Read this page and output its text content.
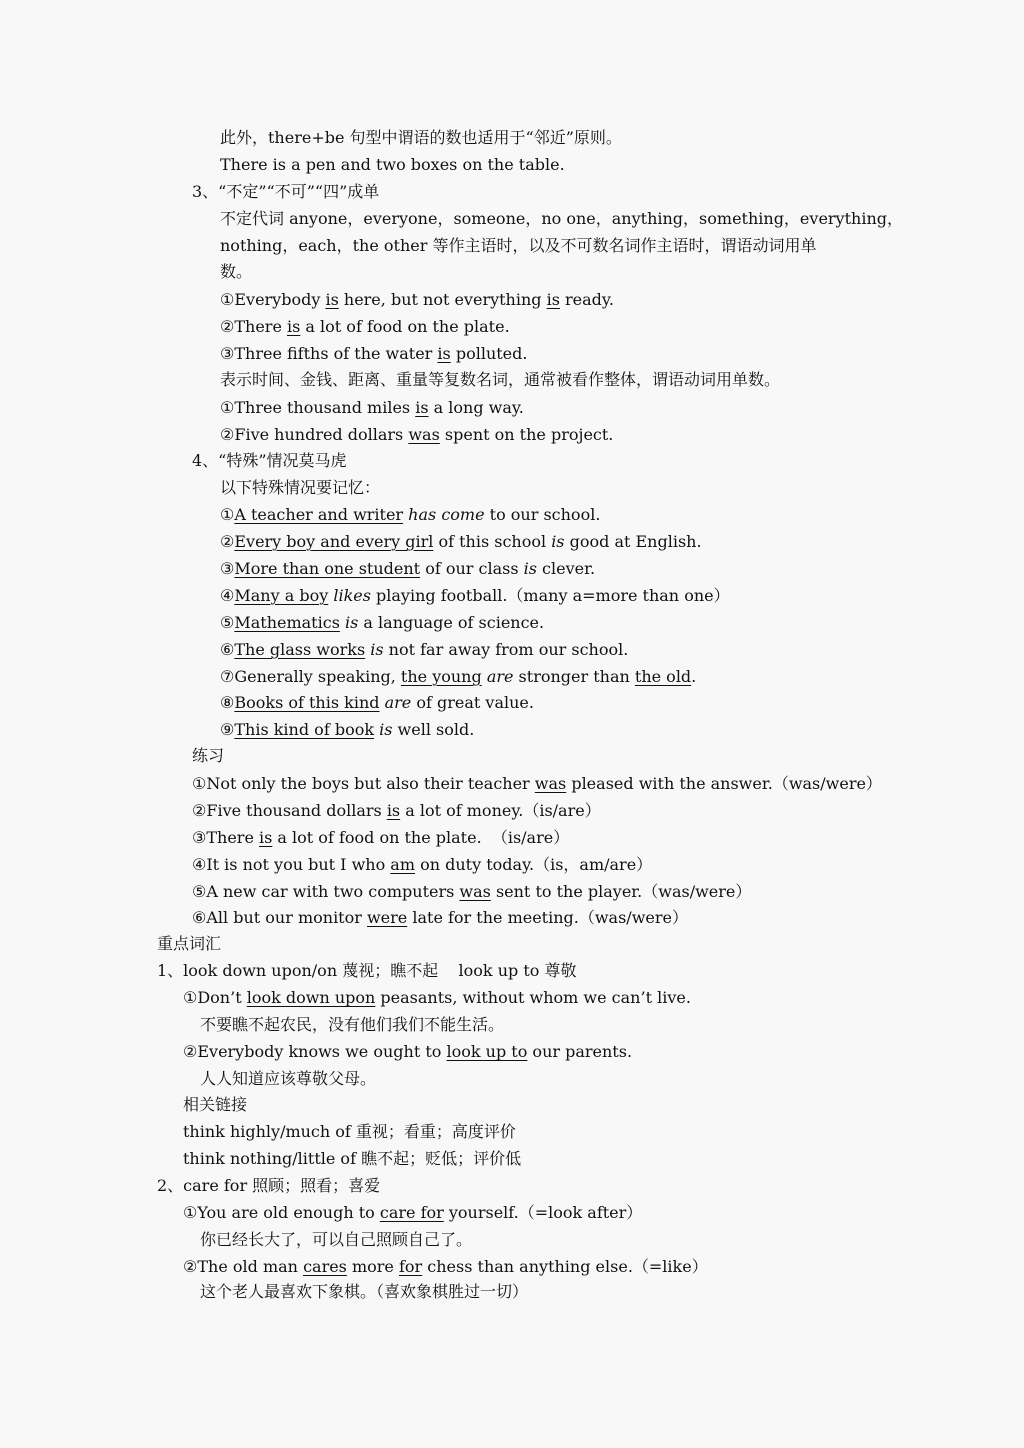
此外，there+be 句型中谓语的数也适用于“邻近”原则。
There is a pen and two boxes on the table.
3、“不定”“不可”“四”成单
不定代词 anyone，everyone，someone，no one，anything，something，everything，
nothing，each，the other 等作主语时，以及不可数名词作主语时，谓语动词用单
数。
①Everybody is here, but not everything is ready.
②There is a lot of food on the plate.
③Three fifths of the water is polluted.
表示时间、金钱、距离、重量等复数名词，通常被看作整体，谓语动词用单数。
①Three thousand miles is a long way.
②Five hundred dollars was spent on the project.
4、“特殊”情况莫马虎
以下特殊情况要记忆：
①A teacher and writer has come to our school.
②Every boy and every girl of this school is good at English.
③More than one student of our class is clever.
④Many a boy likes playing football.（many a=more than one）
⑤Mathematics is a language of science.
⑥The glass works is not far away from our school.
⑦Generally speaking, the young are stronger than the old.
⑧Books of this kind are of great value.
⑨This kind of book is well sold.
练习
①Not only the boys but also their teacher was pleased with the answer.（was/were）
②Five thousand dollars is a lot of money.（is/are）
③There is a lot of food on the plate.  （is/are）
④It is not you but I who am on duty today.（is，am/are）
⑤A new car with two computers was sent to the player.（was/were）
⑥All but our monitor were late for the meeting.（was/were）
重点词汇
1、look down upon/on 蔑视；瞧不起    look up to 尊敬
①Don’t look down upon peasants, without whom we can’t live.
不要瞧不起农民，没有他们我们不能生活。
②Everybody knows we ought to look up to our parents.
人人知道应该尊敬父母。
相关链接
think highly/much of 重视；看重；高度评价
think nothing/little of 瞧不起；贬低；评价低
2、care for 照顾；照看；喜爱
①You are old enough to care for yourself.（=look after）
你已经长大了，可以自己照顾自己了。
②The old man cares more for chess than anything else.（=like）
这个老人最喜欢下象棋。（喜欢象棋胜过一切）
